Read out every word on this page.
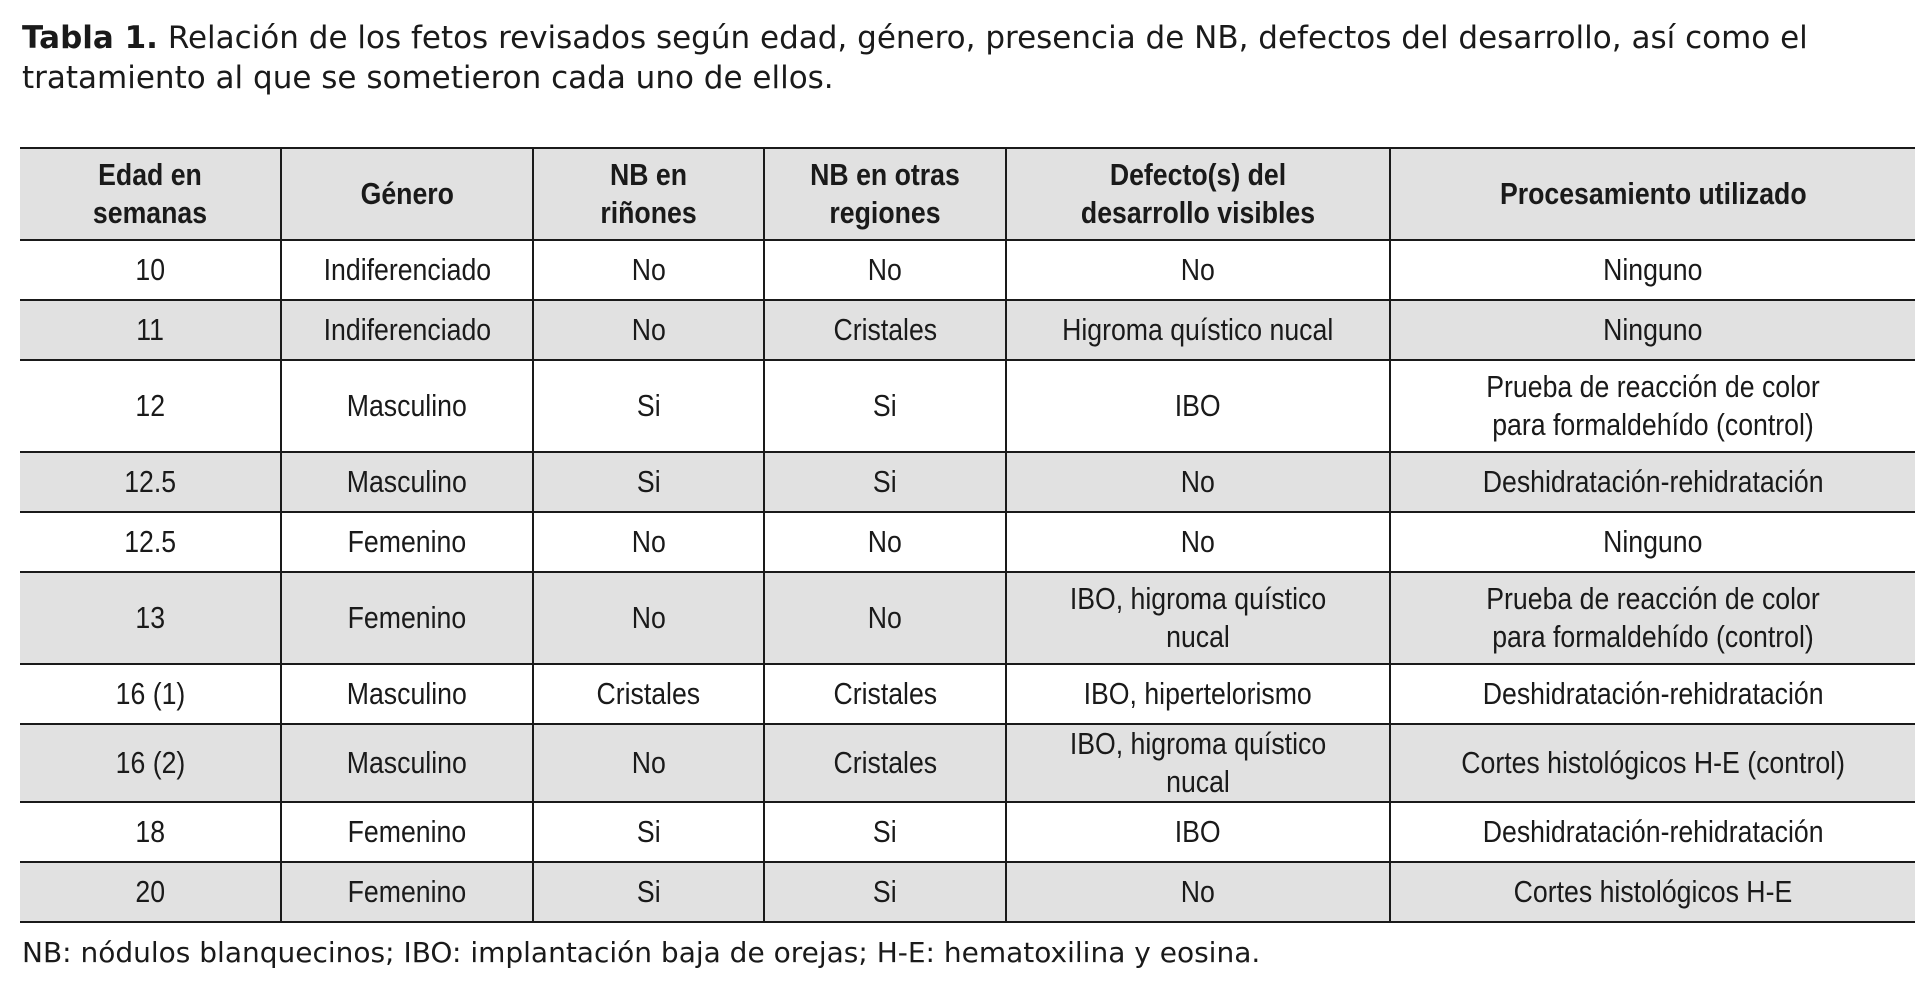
Tabla 1. Relación de los fetos revisados según edad, género, presencia de NB, defectos del desarrollo, así como el tratamiento al que se sometieron cada uno de ellos.

Edad en semanas	Género	NB en riñones	NB en otras regiones	Defecto(s) del desarrollo visibles	Procesamiento utilizado
10	Indiferenciado	No	No	No	Ninguno
11	Indiferenciado	No	Cristales	Higroma quístico nucal	Ninguno
12	Masculino	Si	Si	IBO	Prueba de reacción de color para formaldehído (control)
12.5	Masculino	Si	Si	No	Deshidratación-rehidratación
12.5	Femenino	No	No	No	Ninguno
13	Femenino	No	No	IBO, higroma quístico nucal	Prueba de reacción de color para formaldehído (control)
16 (1)	Masculino	Cristales	Cristales	IBO, hipertelorismo	Deshidratación-rehidratación
16 (2)	Masculino	No	Cristales	IBO, higroma quístico nucal	Cortes histológicos H-E (control)
18	Femenino	Si	Si	IBO	Deshidratación-rehidratación
20	Femenino	Si	Si	No	Cortes histológicos H-E

NB: nódulos blanquecinos; IBO: implantación baja de orejas; H-E: hematoxilina y eosina.
